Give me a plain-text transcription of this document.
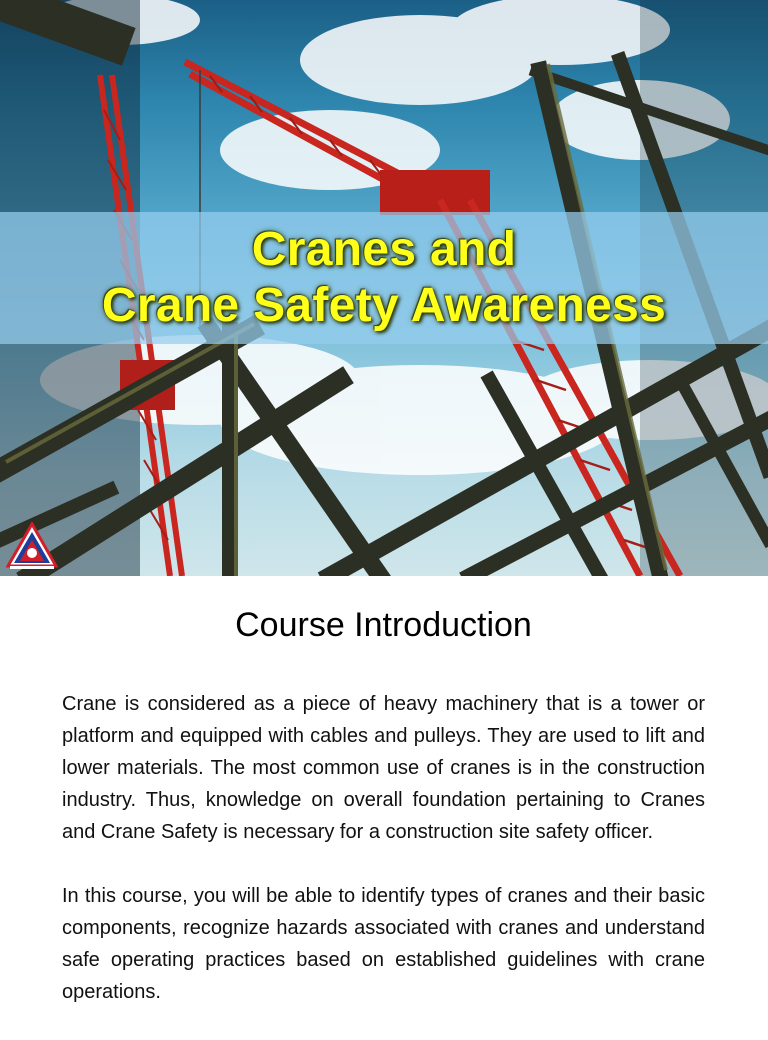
Cranes and
Crane Safety Awareness
Course Introduction

Crane is considered as a piece of heavy machinery that is a tower or platform and equipped with cables and pulleys. They are used to lift and lower materials. The most common use of cranes is in the construction industry. Thus, knowledge on overall foundation pertaining to Cranes and Crane Safety is necessary for a construction site safety officer.

In this course, you will be able to identify types of cranes and their basic components, recognize hazards associated with cranes and understand safe operating practices based on established guidelines with crane operations.
